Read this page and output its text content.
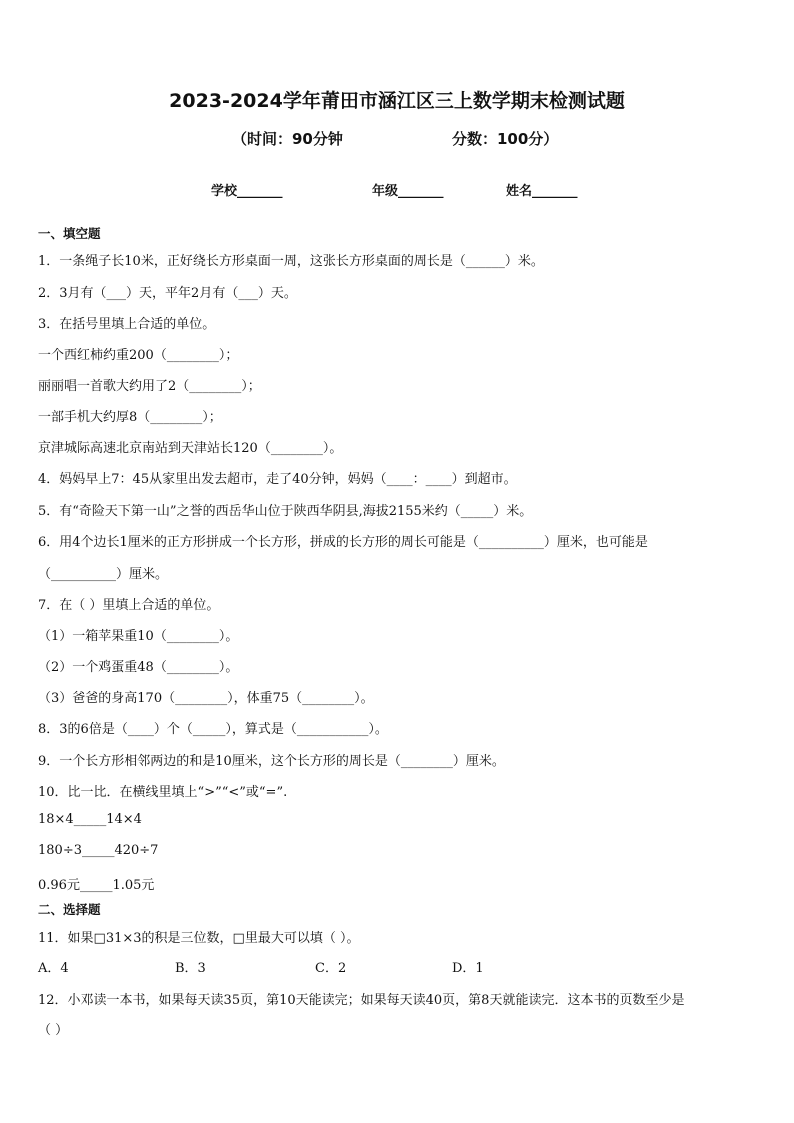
2023-2024学年莆田市涵江区三上数学期末检测试题
（时间：90分钟	分数：100分）
学校_______	年级_______	姓名_______
一、填空题
1．一条绳子长10米，正好绕长方形桌面一周，这张长方形桌面的周长是（______）米。
2．3月有（___）天，平年2月有（___）天。
3．在括号里填上合适的单位。
一个西红柿约重200（________）；
丽丽唱一首歌大约用了2（________）；
一部手机大约厚8（________）；
京津城际高速北京南站到天津站长120（________）。
4．妈妈早上7：45从家里出发去超市，走了40分钟，妈妈（____：____）到超市。
5．有“奇险天下第一山”之誉的西岳华山位于陕西华阴县,海拔2155米约（_____）米。
6．用4个边长1厘米的正方形拼成一个长方形，拼成的长方形的周长可能是（__________）厘米，也可能是
（__________）厘米。
7．在（ ）里填上合适的单位。
（1）一箱苹果重10（________）。
（2）一个鸡蛋重48（________）。
（3）爸爸的身高170（________），体重75（________）。
8．3的6倍是（____）个（_____），算式是（___________）。
9．一个长方形相邻两边的和是10厘米，这个长方形的周长是（________）厘米。
10．比一比．在横线里填上“>”“<”或“=”.
18×4_____14×4
180÷3_____420÷7
0.96元_____1.05元
二、选择题
11．如果□31×3的积是三位数，□里最大可以填（ ）。
A．4	B．3	C．2	D．1
12．小邓读一本书，如果每天读35页，第10天能读完；如果每天读40页，第8天就能读完．这本书的页数至少是
（ ）
